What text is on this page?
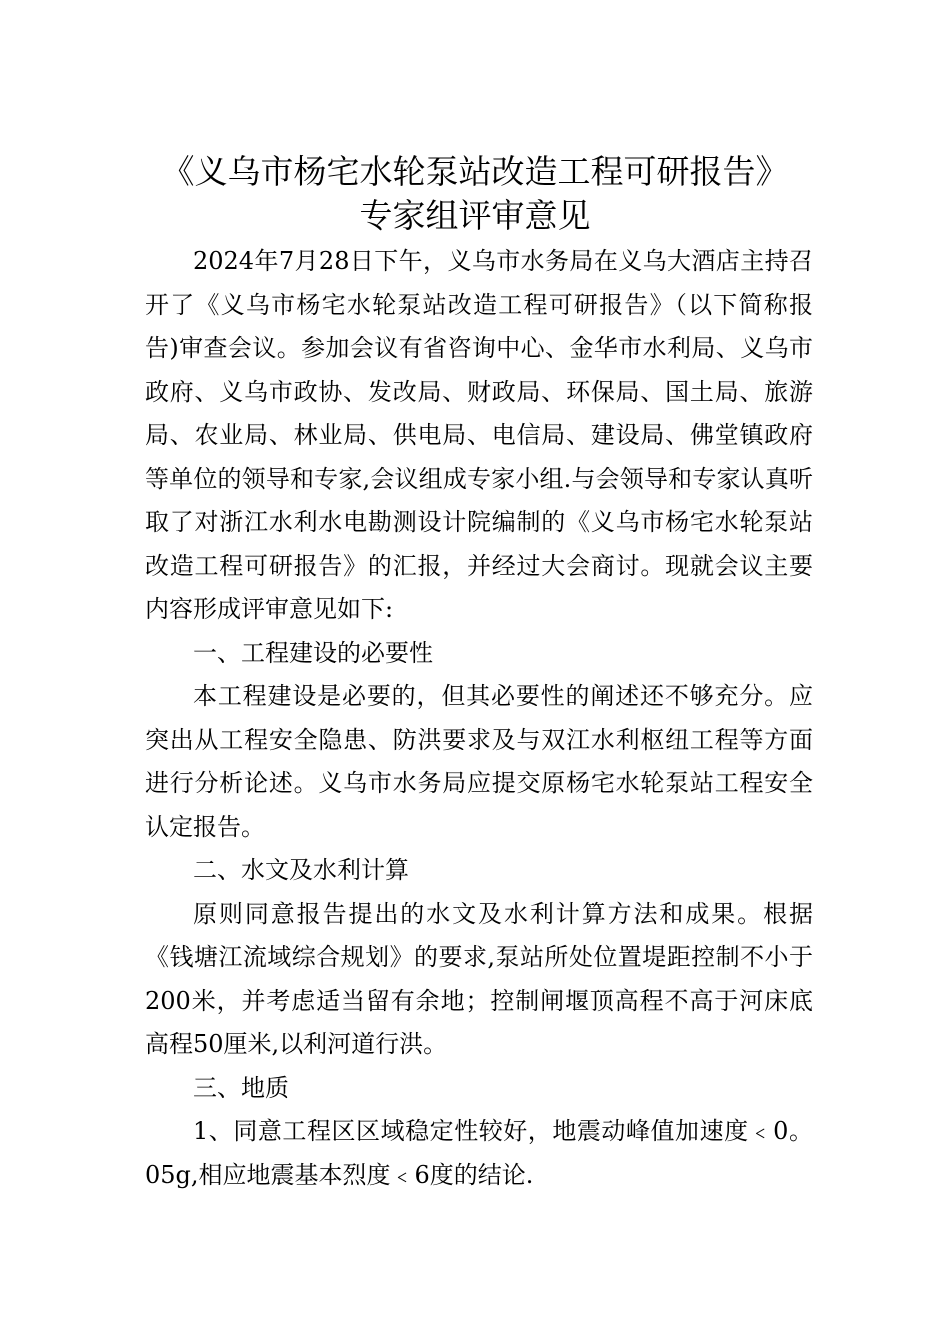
《义乌市杨宅水轮泵站改造工程可研报告》
专家组评审意见

2024年7月28日下午，义乌市水务局在义乌大酒店主持召开了《义乌市杨宅水轮泵站改造工程可研报告》（以下简称报告)审查会议。参加会议有省咨询中心、金华市水利局、义乌市政府、义乌市政协、发改局、财政局、环保局、国土局、旅游局、农业局、林业局、供电局、电信局、建设局、佛堂镇政府等单位的领导和专家,会议组成专家小组.与会领导和专家认真听取了对浙江水利水电勘测设计院编制的《义乌市杨宅水轮泵站改造工程可研报告》的汇报，并经过大会商讨。现就会议主要内容形成评审意见如下:

一、工程建设的必要性

本工程建设是必要的，但其必要性的阐述还不够充分。应突出从工程安全隐患、防洪要求及与双江水利枢纽工程等方面进行分析论述。义乌市水务局应提交原杨宅水轮泵站工程安全认定报告。

二、水文及水利计算

原则同意报告提出的水文及水利计算方法和成果。根据《钱塘江流域综合规划》的要求,泵站所处位置堤距控制不小于200米，并考虑适当留有余地；控制闸堰顶高程不高于河床底高程50厘米,以利河道行洪。

三、地质

1、同意工程区区域稳定性较好，地震动峰值加速度﹤0。05g,相应地震基本烈度﹤6度的结论.
